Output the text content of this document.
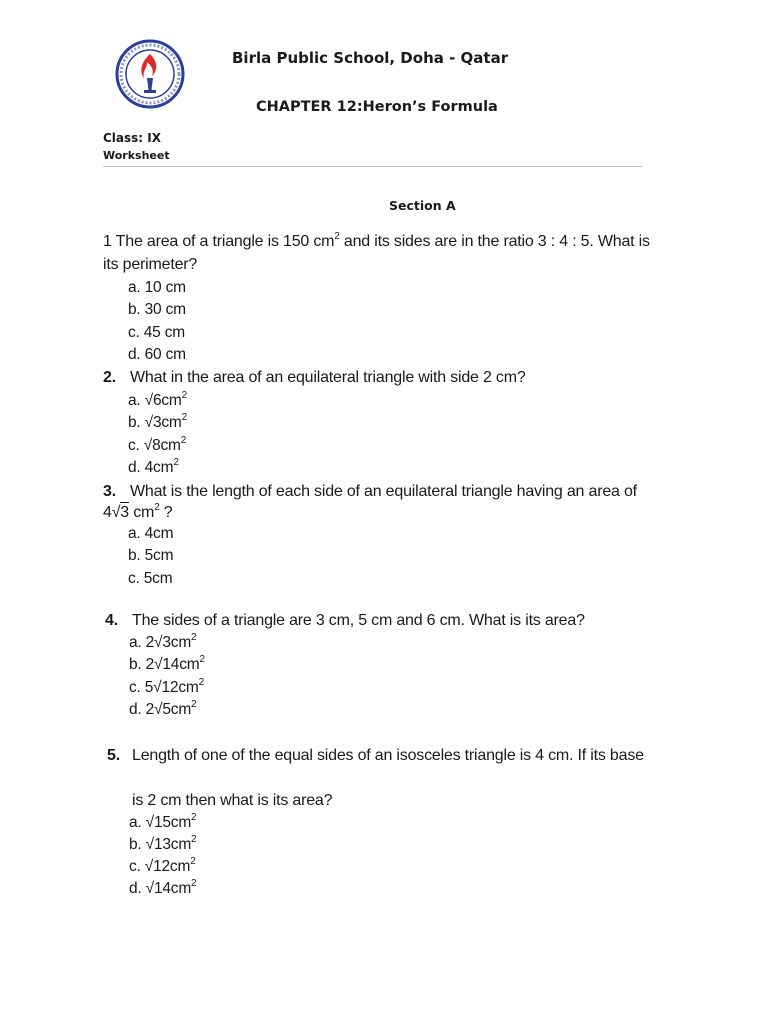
Birla Public School, Doha - Qatar
CHAPTER 12:Heron’s Formula
Class: IX
Worksheet
Section A
1 The area of a triangle is 150 $cm^2$ and its sides are in the ratio 3 : 4 : 5. What is
its perimeter?
a. 10 cm
b. 30 cm
c. 45 cm
d. 60 cm
2. What in the area of an equilateral triangle with side 2 cm?
a. $√6cm^2$
b. $√3cm^2$
c. $√8cm^2$
d. $4cm^2$
3. What is the length of each side of an equilateral triangle having an area of
4√3 $cm^2$ ?
a. 4cm
b. 5cm
c. 5cm
4. The sides of a triangle are 3 cm, 5 cm and 6 cm. What is its area?
a. $2√3cm^2$
b. $2√14cm^2$
c. $5√12cm^2$
d. $2√5cm^2$
5. Length of one of the equal sides of an isosceles triangle is 4 cm. If its base
is 2 cm then what is its area?
a. $√15cm^2$
b. $√13cm^2$
c. $√12cm^2$
d. $√14cm^2$
